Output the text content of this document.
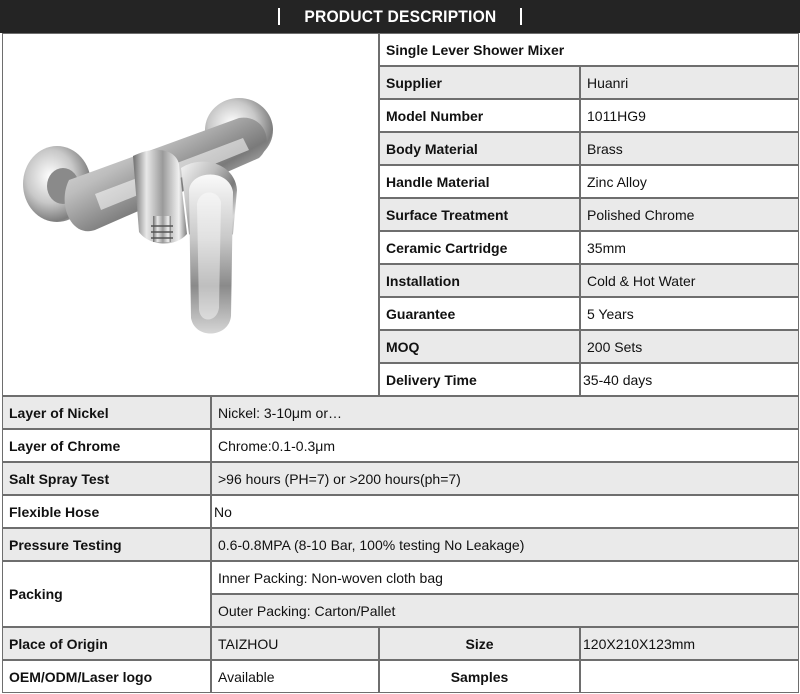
PRODUCT DESCRIPTION
Single Lever Shower Mixer
Supplier	Huanri
Model Number	1011HG9
Body Material	Brass
Handle Material	Zinc Alloy
Surface Treatment	Polished Chrome
Ceramic Cartridge	35mm
Installation	Cold & Hot Water
Guarantee	5 Years
MOQ	200 Sets
Delivery Time	35-40 days
Layer of Nickel	Nickel: 3-10μm or…
Layer of Chrome	Chrome:0.1-0.3μm
Salt Spray Test	>96 hours (PH=7) or >200 hours(ph=7)
Flexible Hose	No
Pressure Testing	0.6-0.8MPA (8-10 Bar, 100% testing No Leakage)
Packing
Inner Packing: Non-woven cloth bag
Outer Packing: Carton/Pallet
Place of Origin	TAIZHOU	Size	120X210X123mm
OEM/ODM/Laser logo	Available	Samples
